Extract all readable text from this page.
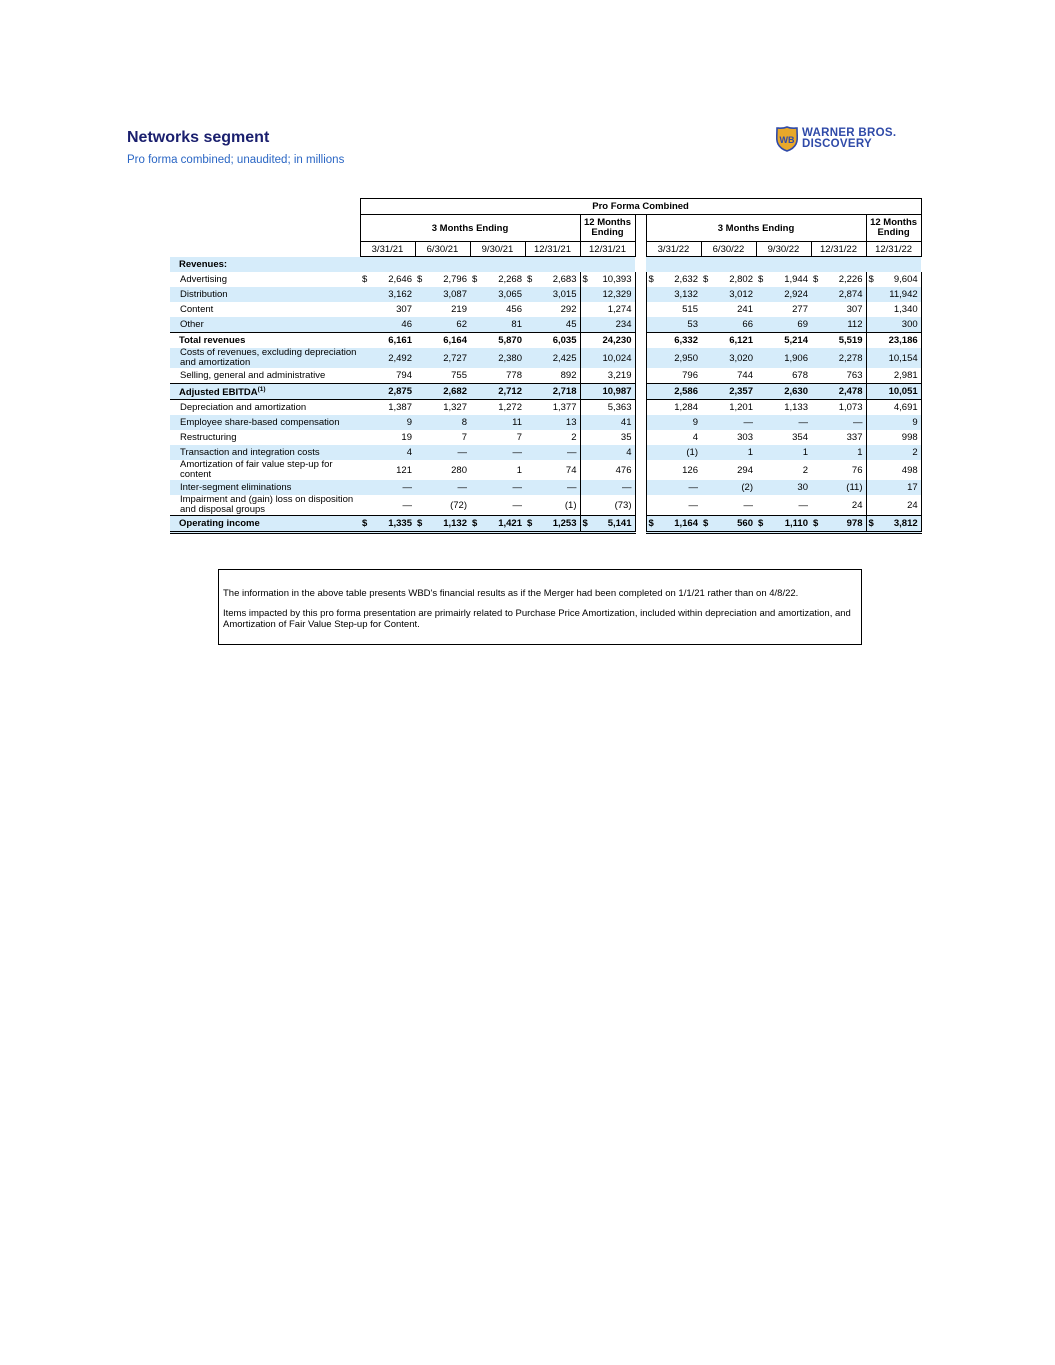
Networks segment
Pro forma combined; unaudited; in millions
WB
WARNER BROS.
DISCOVERY
	Pro Forma Combined										
	3 Months Ending				12 Months Ending		3 Months Ending				12 Months Ending
	3/31/21	6/30/21	9/30/21	12/31/21	12/31/21		3/31/22	6/30/22	9/30/22	12/31/22	12/31/22
Revenues:											
Advertising	$ 2,646	$ 2,796	$ 2,268	$ 2,683	$ 10,393		$ 2,632	$ 2,802	$ 1,944	$ 2,226	$ 9,604

Distribution	3,162	3,087	3,065	3,015	12,329		3,132	3,012	2,924	2,874	11,942

Content	307	219	456	292	1,274		515	241	277	307	1,340

Other	46	62	81	45	234		53	66	69	112	300

Total revenues	6,161	6,164	5,870	6,035	24,230		6,332	6,121	5,214	5,519	23,186

Costs of revenues, excluding depreciation and amortization	2,492	2,727	2,380	2,425	10,024		2,950	3,020	1,906	2,278	10,154

Selling, general and administrative	794	755	778	892	3,219		796	744	678	763	2,981

Adjusted EBITDA$^{(1)}$	2,875	2,682	2,712	2,718	10,987		2,586	2,357	2,630	2,478	10,051

Depreciation and amortization	1,387	1,327	1,272	1,377	5,363		1,284	1,201	1,133	1,073	4,691

Employee share-based compensation	9	8	11	13	41		9	—	—	—	9

Restructuring	19	7	7	2	35		4	303	354	337	998

Transaction and integration costs	4	—	—	—	4		(1)	1	1	1	2

Amortization of fair value step-up for content	121	280	1	74	476		126	294	2	76	498

Inter-segment eliminations	—	—	—	—	—		—	(2)	30	(11)	17

Impairment and (gain) loss on disposition and disposal groups	—	(72)	—	(1)	(73)		—	—	—	24	24

Operating income	$ 1,335	$ 1,132	$ 1,421	$ 1,253	$ 5,141		$ 1,164	$ 560	$ 1,110	$ 978	$ 3,812

The information in the above table presents WBD's financial results as if the Merger had been completed on 1/1/21 rather than on 4/8/22.

Items impacted by this pro forma presentation are primairly related to Purchase Price Amortization, included within depreciation and amortization, and Amortization of Fair Value Step-up for Content.
